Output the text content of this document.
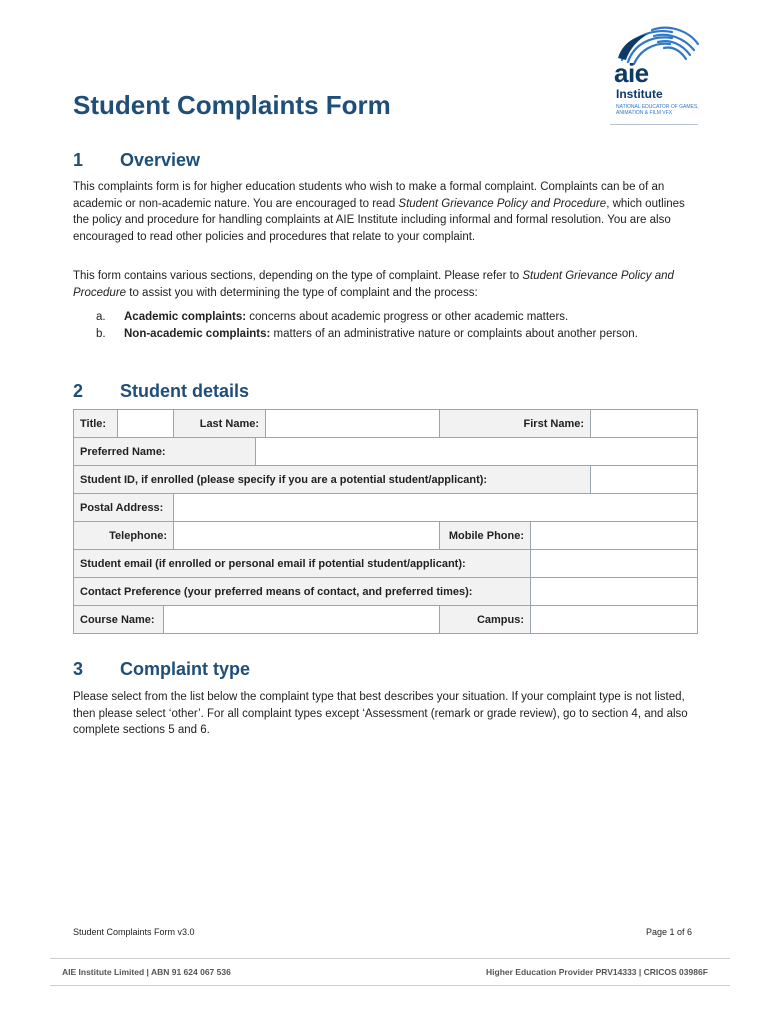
aie
Institute
NATIONAL EDUCATOR OF GAMES, ANIMATION & FILM VFX
Student Complaints Form
1 Overview
This complaints form is for higher education students who wish to make a formal complaint. Complaints can be of an academic or non-academic nature. You are encouraged to read Student Grievance Policy and Procedure, which outlines the policy and procedure for handling complaints at AIE Institute including informal and formal resolution. You are also encouraged to read other policies and procedures that relate to your complaint.
This form contains various sections, depending on the type of complaint. Please refer to Student Grievance Policy and Procedure to assist you with determining the type of complaint and the process:
a.	Academic complaints: concerns about academic progress or other academic matters.
b.	Non-academic complaints: matters of an administrative nature or complaints about another person.
2 Student details
Title:			Last Name:			First Name:		
Preferred Name:								
Student ID, if enrolled (please specify if you are a potential student/applicant):								
Postal Address:								
Telephone:						Mobile Phone:		
Student email (if enrolled or personal email if potential student/applicant):								
Contact Preference (your preferred means of contact, and preferred times):								
Course Name:						Campus:		
3 Complaint type
Please select from the list below the complaint type that best describes your situation. If your complaint type is not listed, then please select ‘other’. For all complaint types except ‘Assessment (remark or grade review), go to section 4, and also complete sections 5 and 6.
Student Complaints Form v3.0	Page 1 of 6
AIE Institute Limited | ABN 91 624 067 536	Higher Education Provider PRV14333 | CRICOS 03986F
